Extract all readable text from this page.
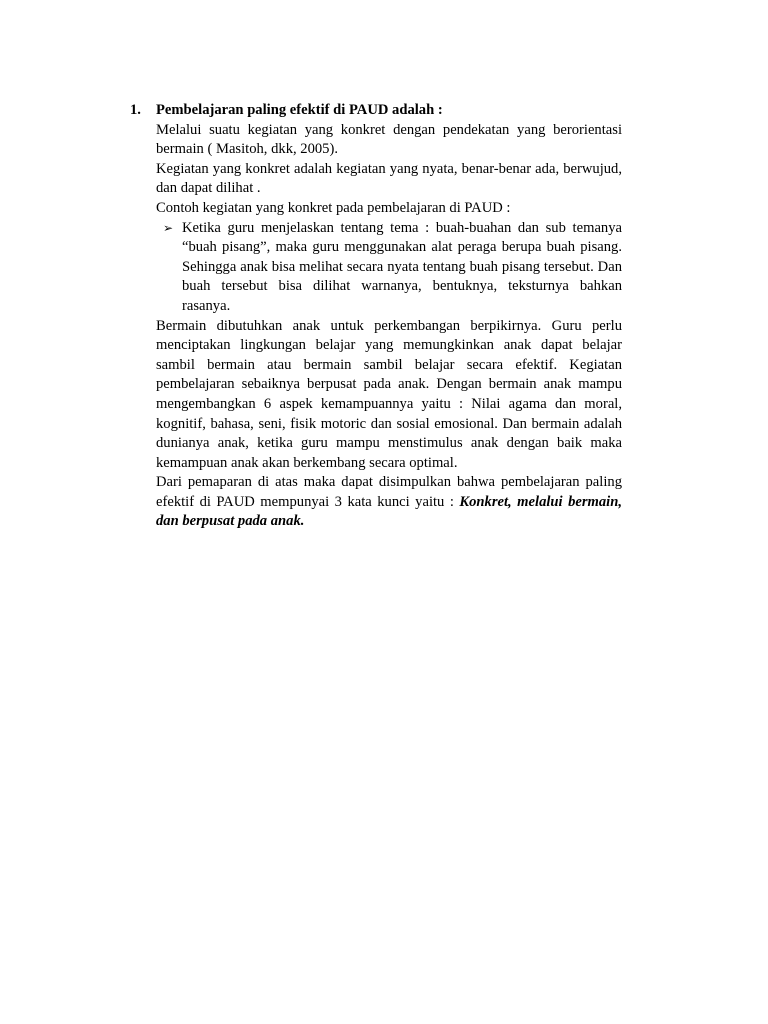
1.	Pembelajaran paling efektif di PAUD adalah :

Melalui suatu kegiatan yang konkret dengan pendekatan yang berorientasi bermain ( Masitoh, dkk, 2005).

Kegiatan yang konkret adalah kegiatan yang nyata, benar-benar ada, berwujud, dan dapat dilihat .

Contoh kegiatan yang konkret pada pembelajaran di PAUD :

➢ Ketika guru menjelaskan tentang tema : buah-buahan dan sub temanya “buah pisang”, maka guru menggunakan alat peraga berupa buah pisang. Sehingga anak bisa melihat secara nyata tentang buah pisang tersebut. Dan buah tersebut bisa dilihat warnanya, bentuknya, teksturnya bahkan rasanya.

Bermain dibutuhkan anak untuk perkembangan berpikirnya. Guru perlu menciptakan lingkungan belajar yang memungkinkan anak dapat belajar sambil bermain atau bermain sambil belajar secara efektif. Kegiatan pembelajaran sebaiknya berpusat pada anak. Dengan bermain anak mampu mengembangkan 6 aspek kemampuannya yaitu : Nilai agama dan moral, kognitif, bahasa, seni, fisik motoric dan sosial emosional. Dan bermain adalah dunianya anak, ketika guru mampu menstimulus anak dengan baik maka kemampuan anak akan berkembang secara optimal.

Dari pemaparan di atas maka dapat disimpulkan bahwa pembelajaran paling efektif di PAUD mempunyai 3 kata kunci yaitu : Konkret, melalui bermain, dan berpusat pada anak.
